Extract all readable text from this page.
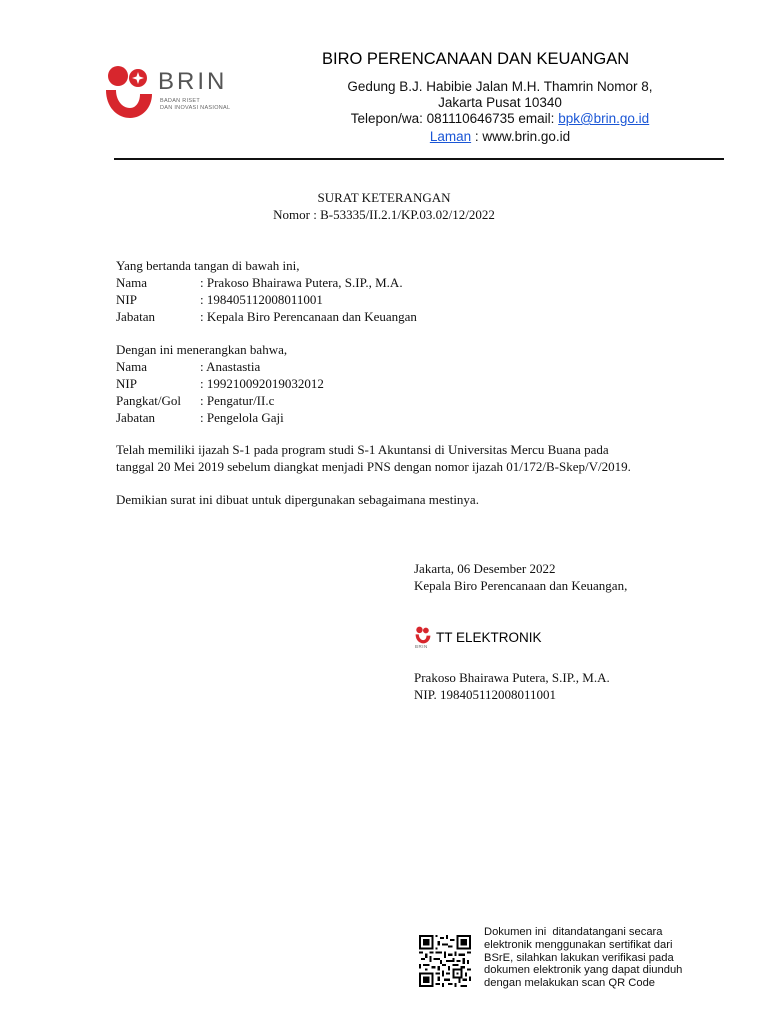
BRIN
BADAN RISET
DAN INOVASI NASIONAL
BIRO PERENCANAAN DAN KEUANGAN
Gedung B.J. Habibie Jalan M.H. Thamrin Nomor 8,
Jakarta Pusat 10340
Telepon/wa: 081110646735 email: bpk@brin.go.id
Laman : www.brin.go.id
SURAT KETERANGAN
Nomor : B-53335/II.2.1/KP.03.02/12/2022
Yang bertanda tangan di bawah ini,
Nama	: Prakoso Bhairawa Putera, S.IP., M.A.
NIP	: 198405112008011001
Jabatan	: Kepala Biro Perencanaan dan Keuangan
Dengan ini menerangkan bahwa,
Nama	: Anastastia
NIP	: 199210092019032012
Pangkat/Gol : Pengatur/II.c
Jabatan	: Pengelola Gaji
Telah memiliki ijazah S-1 pada program studi S-1 Akuntansi di Universitas Mercu Buana pada
tanggal 20 Mei 2019 sebelum diangkat menjadi PNS dengan nomor ijazah 01/172/B-Skep/V/2019.
Demikian surat ini dibuat untuk dipergunakan sebagaimana mestinya.
Jakarta, 06 Desember 2022
Kepala Biro Perencanaan dan Keuangan,
BRIN
TT ELEKTRONIK
Prakoso Bhairawa Putera, S.IP., M.A.
NIP. 198405112008011001
Dokumen ini  ditandatangani secara
elektronik menggunakan sertifikat dari
BSrE, silahkan lakukan verifikasi pada
dokumen elektronik yang dapat diunduh
dengan melakukan scan QR Code
